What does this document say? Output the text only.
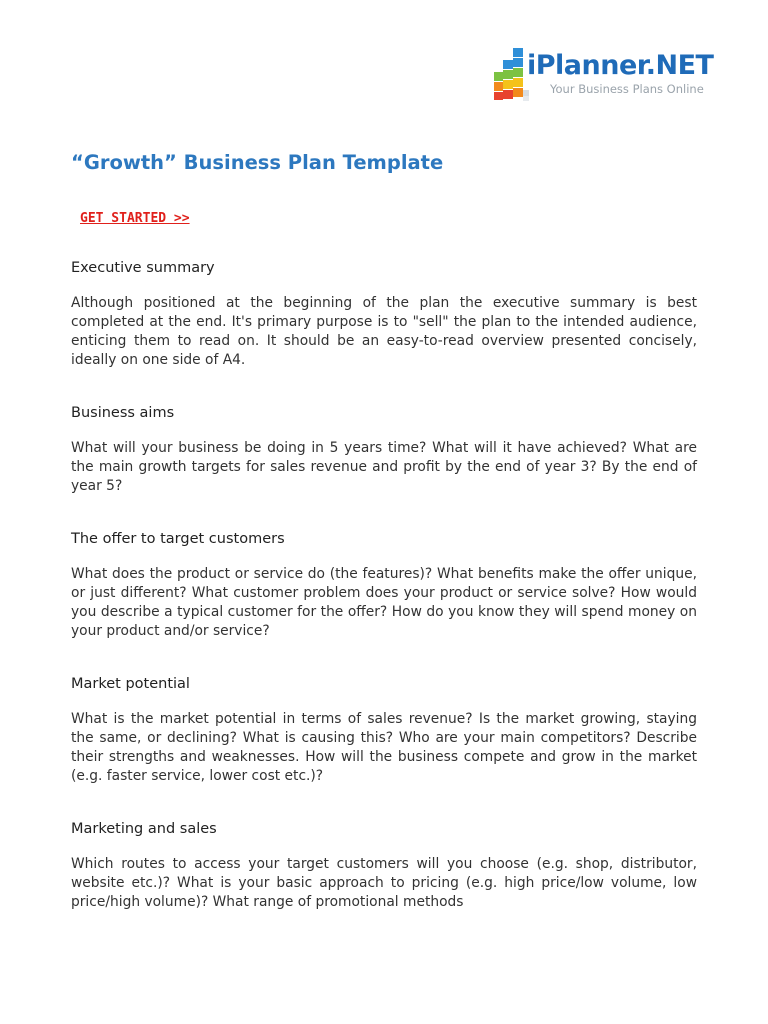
iPlanner.NET
Your Business Plans Online
“Growth” Business Plan Template
GET STARTED >>
Executive summary

Although positioned at the beginning of the plan the executive summary is best completed at the end. It's primary purpose is to "sell" the plan to the intended audience, enticing them to read on. It should be an easy-to-read overview presented concisely, ideally on one side of A4.

Business aims

What will your business be doing in 5 years time? What will it have achieved? What are the main growth targets for sales revenue and profit by the end of year 3? By the end of year 5?

The offer to target customers

What does the product or service do (the features)? What benefits make the offer unique, or just different? What customer problem does your product or service solve? How would you describe a typical customer for the offer? How do you know they will spend money on your product and/or service?

Market potential

What is the market potential in terms of sales revenue? Is the market growing, staying the same, or declining? What is causing this? Who are your main competitors? Describe their strengths and weaknesses. How will the business compete and grow in the market (e.g. faster service, lower cost etc.)?

Marketing and sales

Which routes to access your target customers will you choose (e.g. shop, distributor, website etc.)? What is your basic approach to pricing (e.g. high price/low volume, low price/high volume)? What range of promotional methods
